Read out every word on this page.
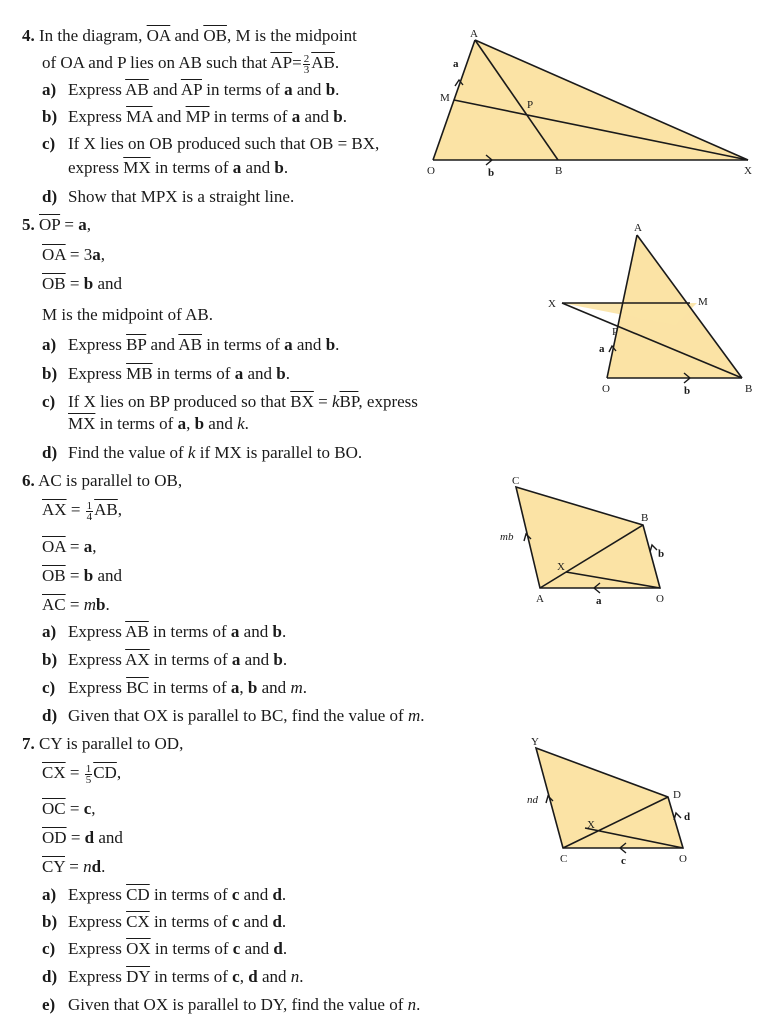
4. In the diagram, $\overline{OA}$ and $\overline{OB}$, M is the midpoint
of OA and P lies on AB such that $\overline{AP}= \frac{2}{3} \overline{AB}$.
a) Express $\overline{AB}$ and $\overline{AP}$ in terms of a and b.
b) Express $\overline{MA}$ and $\overline{MP}$ in terms of a and b.
c) If X lies on OB produced such that OB = BX,
express $\overline{MX}$ in terms of a and b.
d) Show that MPX is a straight line.
A
M
P
O	B	X
a
b
5. $\overline{OP} = a$,
$\overline{OA} = 3a$,
$\overline{OB} = b$ and
M is the midpoint of AB.
a) Express $\overline{BP}$ and $\overline{AB}$ in terms of a and b.
b) Express $\overline{MB}$ in terms of a and b.
c) If X lies on BP produced so that $\overline{BX} = k\overline{BP}$, express
$\overline{MX}$ in terms of a, b and k.
d) Find the value of k if MX is parallel to BO.
A
M
X
P
O	B
a
b
6. AC is parallel to OB,
$\overline{AX} = \frac{1}{4} \overline{AB}$,
$\overline{OA} = a$,
$\overline{OB} = b$ and
$\overline{AC}$ = mb.
a) Express $\overline{AB}$ in terms of a and b.
b) Express $\overline{AX}$ in terms of a and b.
c) Express $\overline{BC}$ in terms of a, b and m.
d) Given that OX is parallel to BC, find the value of m.
C
B
X
A	O
mb
b
a
7. CY is parallel to OD,
$\overline{CX} = \frac{1}{5} \overline{CD}$,
$\overline{OC} = c$,
$\overline{OD} = d$ and
$\overline{CY}$ = nd.
a) Express $\overline{CD}$ in terms of c and d.
b) Express $\overline{CX}$ in terms of c and d.
c) Express $\overline{OX}$ in terms of c and d.
d) Express $\overline{DY}$ in terms of c, d and n.
e) Given that OX is parallel to DY, find the value of n.
Y
D
X
C	O
nd
d
c
